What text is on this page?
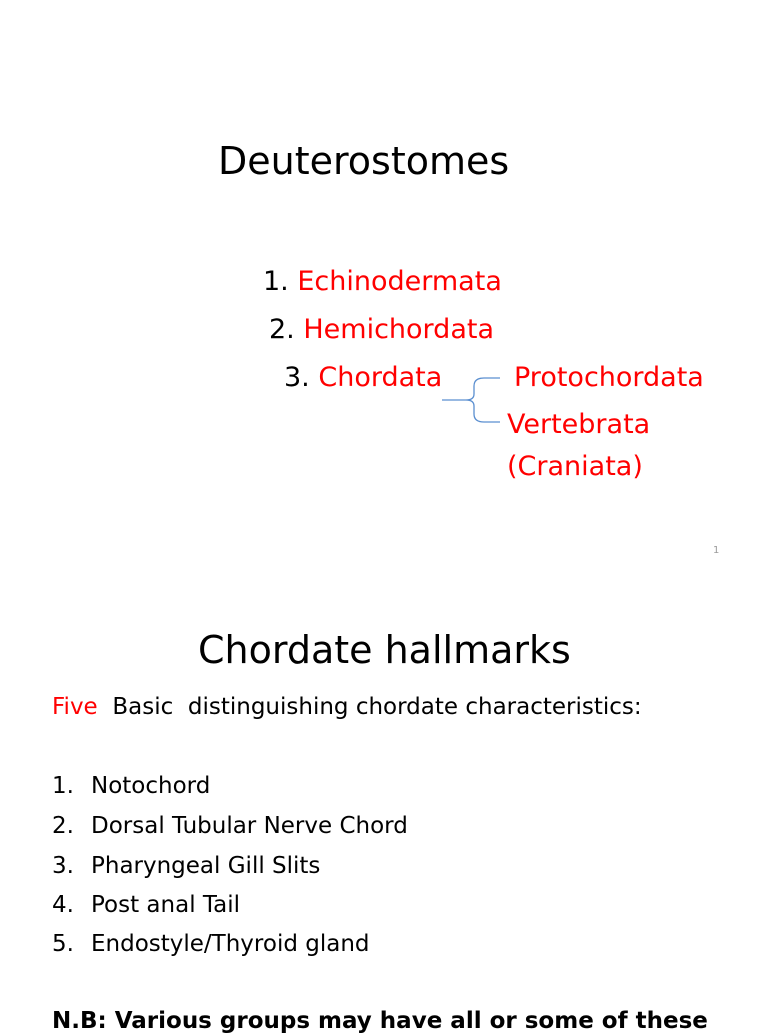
Deuterostomes
1. Echinodermata
2. Hemichordata
3. Chordata	Protochordata
Vertebrata
(Craniata)
1
Chordate hallmarks
Five Basic  distinguishing chordate characteristics:
1. Notochord
2. Dorsal Tubular Nerve Chord
3. Pharyngeal Gill Slits
4. Post anal Tail
5. Endostyle/Thyroid gland
N.B: Various groups may have all or some of these
